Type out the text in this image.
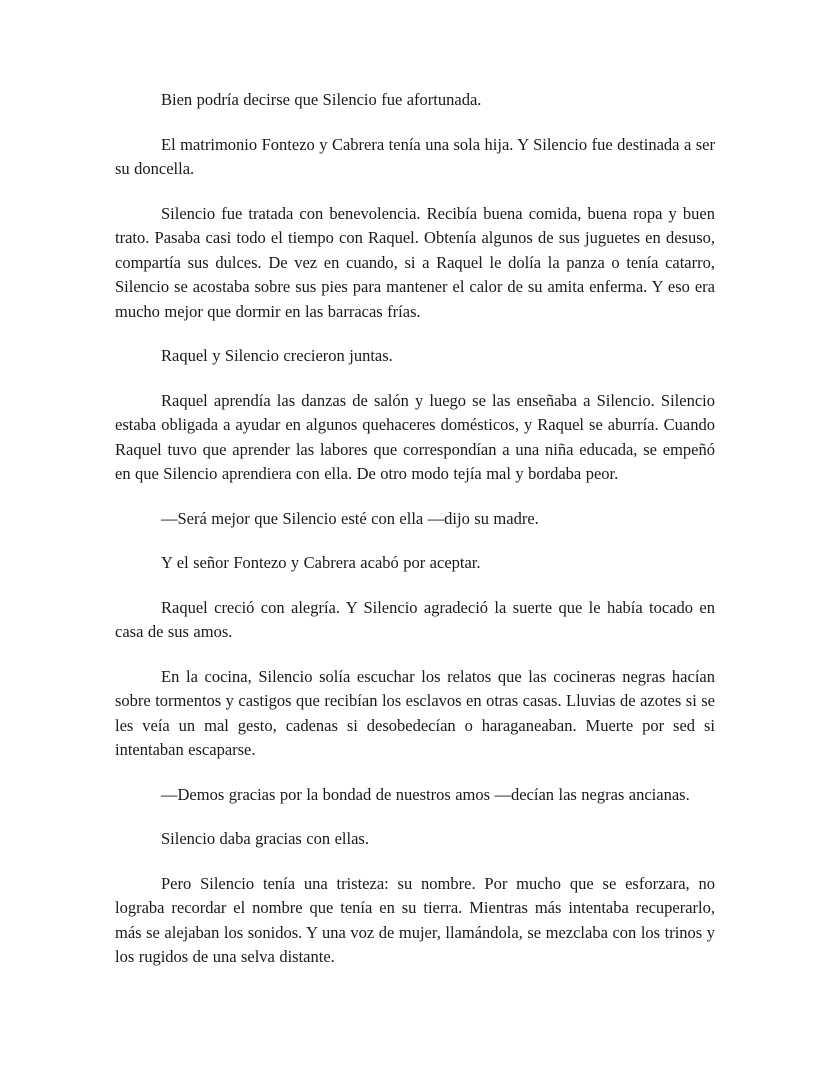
Bien podría decirse que Silencio fue afortunada.

El matrimonio Fontezo y Cabrera tenía una sola hija. Y Silencio fue destinada a ser su doncella.

Silencio fue tratada con benevolencia. Recibía buena comida, buena ropa y buen trato. Pasaba casi todo el tiempo con Raquel. Obtenía algunos de sus juguetes en desuso, compartía sus dulces. De vez en cuando, si a Raquel le dolía la panza o tenía catarro, Silencio se acostaba sobre sus pies para mantener el calor de su amita enferma. Y eso era mucho mejor que dormir en las barracas frías.

Raquel y Silencio crecieron juntas.

Raquel aprendía las danzas de salón y luego se las enseñaba a Silencio. Silencio estaba obligada a ayudar en algunos quehaceres domésticos, y Raquel se aburría. Cuando Raquel tuvo que aprender las labores que correspondían a una niña educada, se empeñó en que Silencio aprendiera con ella. De otro modo tejía mal y bordaba peor.

—Será mejor que Silencio esté con ella —dijo su madre.

Y el señor Fontezo y Cabrera acabó por aceptar.

Raquel creció con alegría. Y Silencio agradeció la suerte que le había tocado en casa de sus amos.

En la cocina, Silencio solía escuchar los relatos que las cocineras negras hacían sobre tormentos y castigos que recibían los esclavos en otras casas. Lluvias de azotes si se les veía un mal gesto, cadenas si desobedecían o haraganeaban. Muerte por sed si intentaban escaparse.

—Demos gracias por la bondad de nuestros amos —decían las negras ancianas.

Silencio daba gracias con ellas.

Pero Silencio tenía una tristeza: su nombre. Por mucho que se esforzara, no lograba recordar el nombre que tenía en su tierra. Mientras más intentaba recuperarlo, más se alejaban los sonidos. Y una voz de mujer, llamándola, se mezclaba con los trinos y los rugidos de una selva distante.
